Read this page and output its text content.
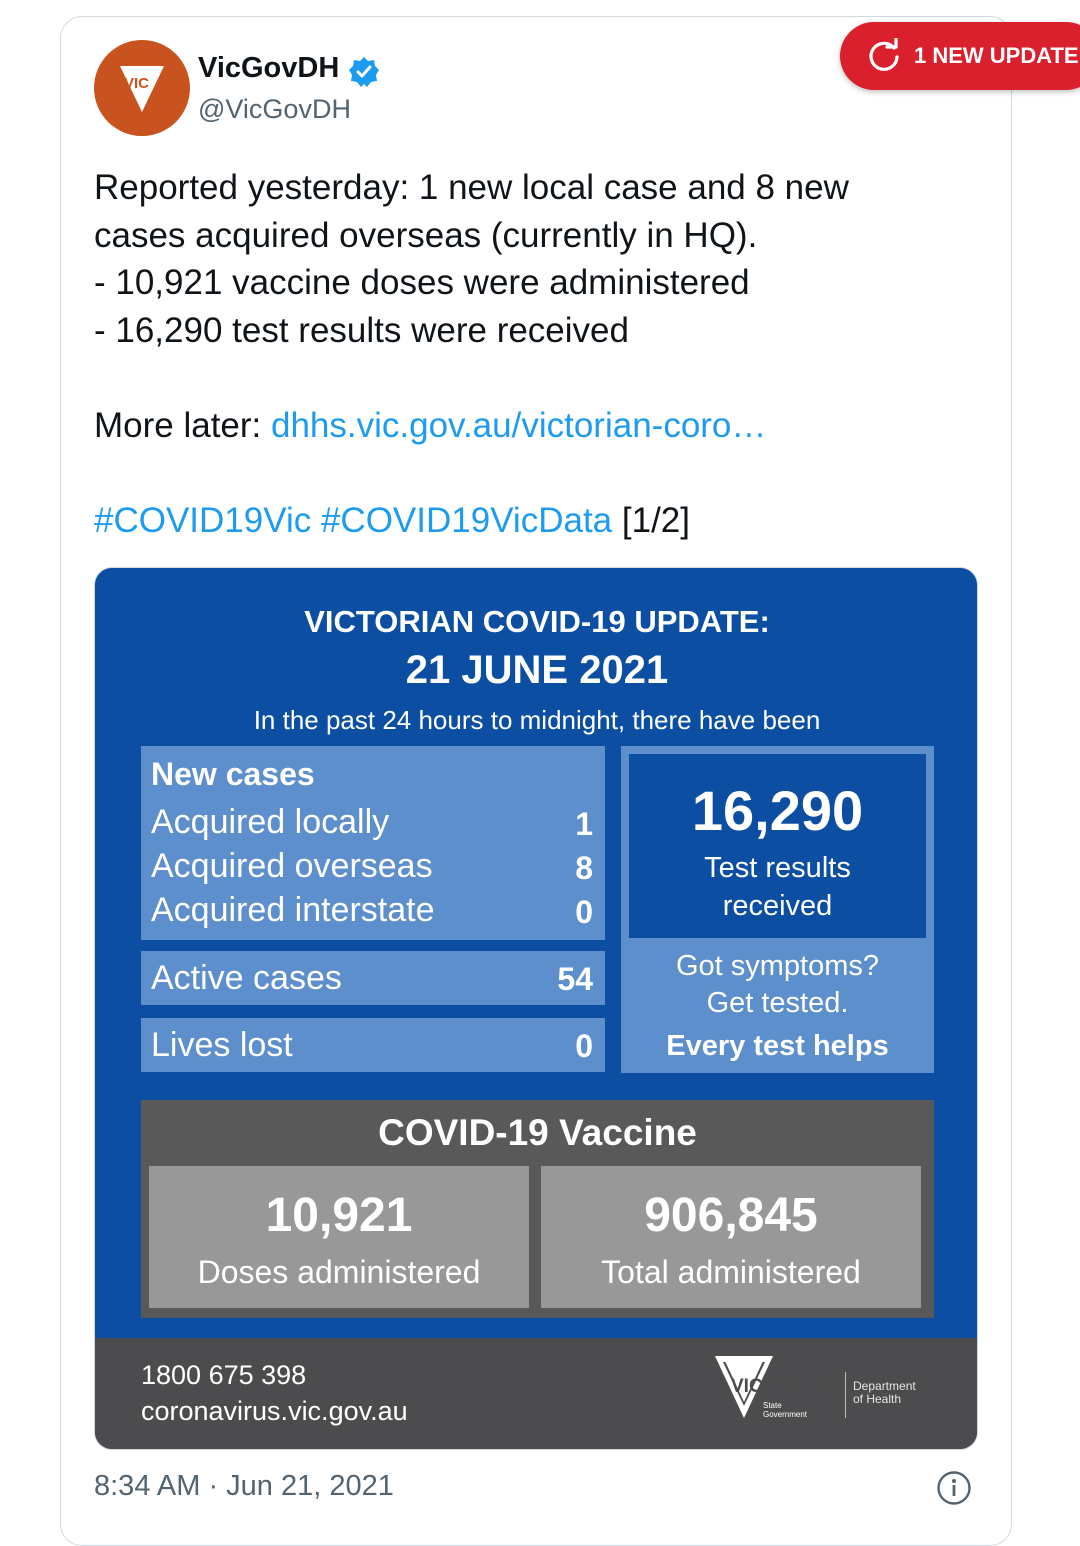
VIC VicGovDH
@VicGovDH
1 NEW UPDATE
Reported yesterday: 1 new local case and 8 new
cases acquired overseas (currently in HQ).
- 10,921 vaccine doses were administered
- 16,290 test results were received
More later: dhhs.vic.gov.au/victorian-coro…
#COVID19Vic #COVID19VicData [1/2]
VICTORIAN COVID-19 UPDATE:
21 JUNE 2021
In the past 24 hours to midnight, there have been
New cases
Acquired locally	1
Acquired overseas	8
Acquired interstate	0
Active cases	54
Lives lost	0
16,290
Test results
received
Got symptoms?
Get tested.
Every test helps
COVID-19 Vaccine
10,921
Doses administered
906,845
Total administered
1800 675 398
coronavirus.vic.gov.au
VICTORIA
State
Government
Department
of Health
8:34 AM · Jun 21, 2021
